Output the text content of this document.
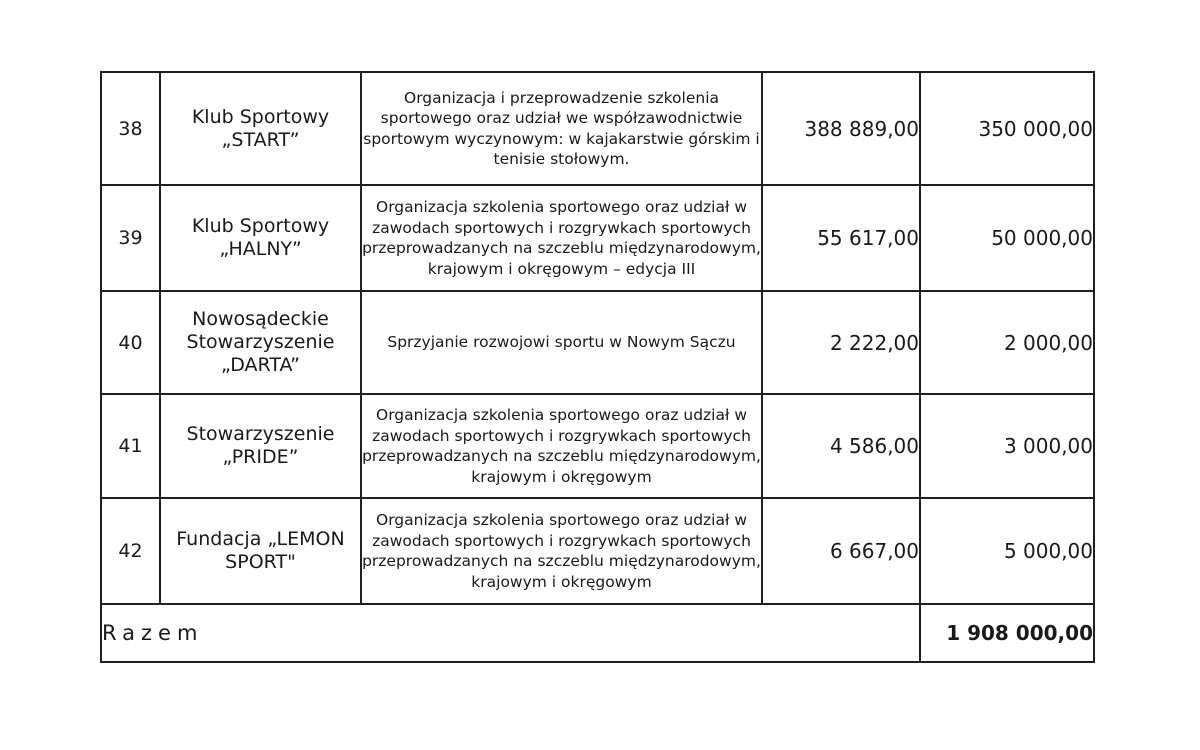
38	Klub Sportowy „START”	Organizacja i przeprowadzenie szkolenia sportowego oraz udział we współzawodnictwie sportowym wyczynowym: w kajakarstwie górskim i tenisie stołowym.	388 889,00	350 000,00
39	Klub Sportowy „HALNY”	Organizacja szkolenia sportowego oraz udział w zawodach sportowych i rozgrywkach sportowych przeprowadzanych na szczeblu międzynarodowym, krajowym i okręgowym – edycja III	55 617,00	50 000,00
40	Nowosądeckie Stowarzyszenie „DARTA”	Sprzyjanie rozwojowi sportu w Nowym Sączu	2 222,00	2 000,00
41	Stowarzyszenie „PRIDE”	Organizacja szkolenia sportowego oraz udział w zawodach sportowych i rozgrywkach sportowych przeprowadzanych na szczeblu międzynarodowym, krajowym i okręgowym	4 586,00	3 000,00
42	Fundacja „LEMON SPORT"	Organizacja szkolenia sportowego oraz udział w zawodach sportowych i rozgrywkach sportowych przeprowadzanych na szczeblu międzynarodowym, krajowym i okręgowym	6 667,00	5 000,00
Razem				1 908 000,00
